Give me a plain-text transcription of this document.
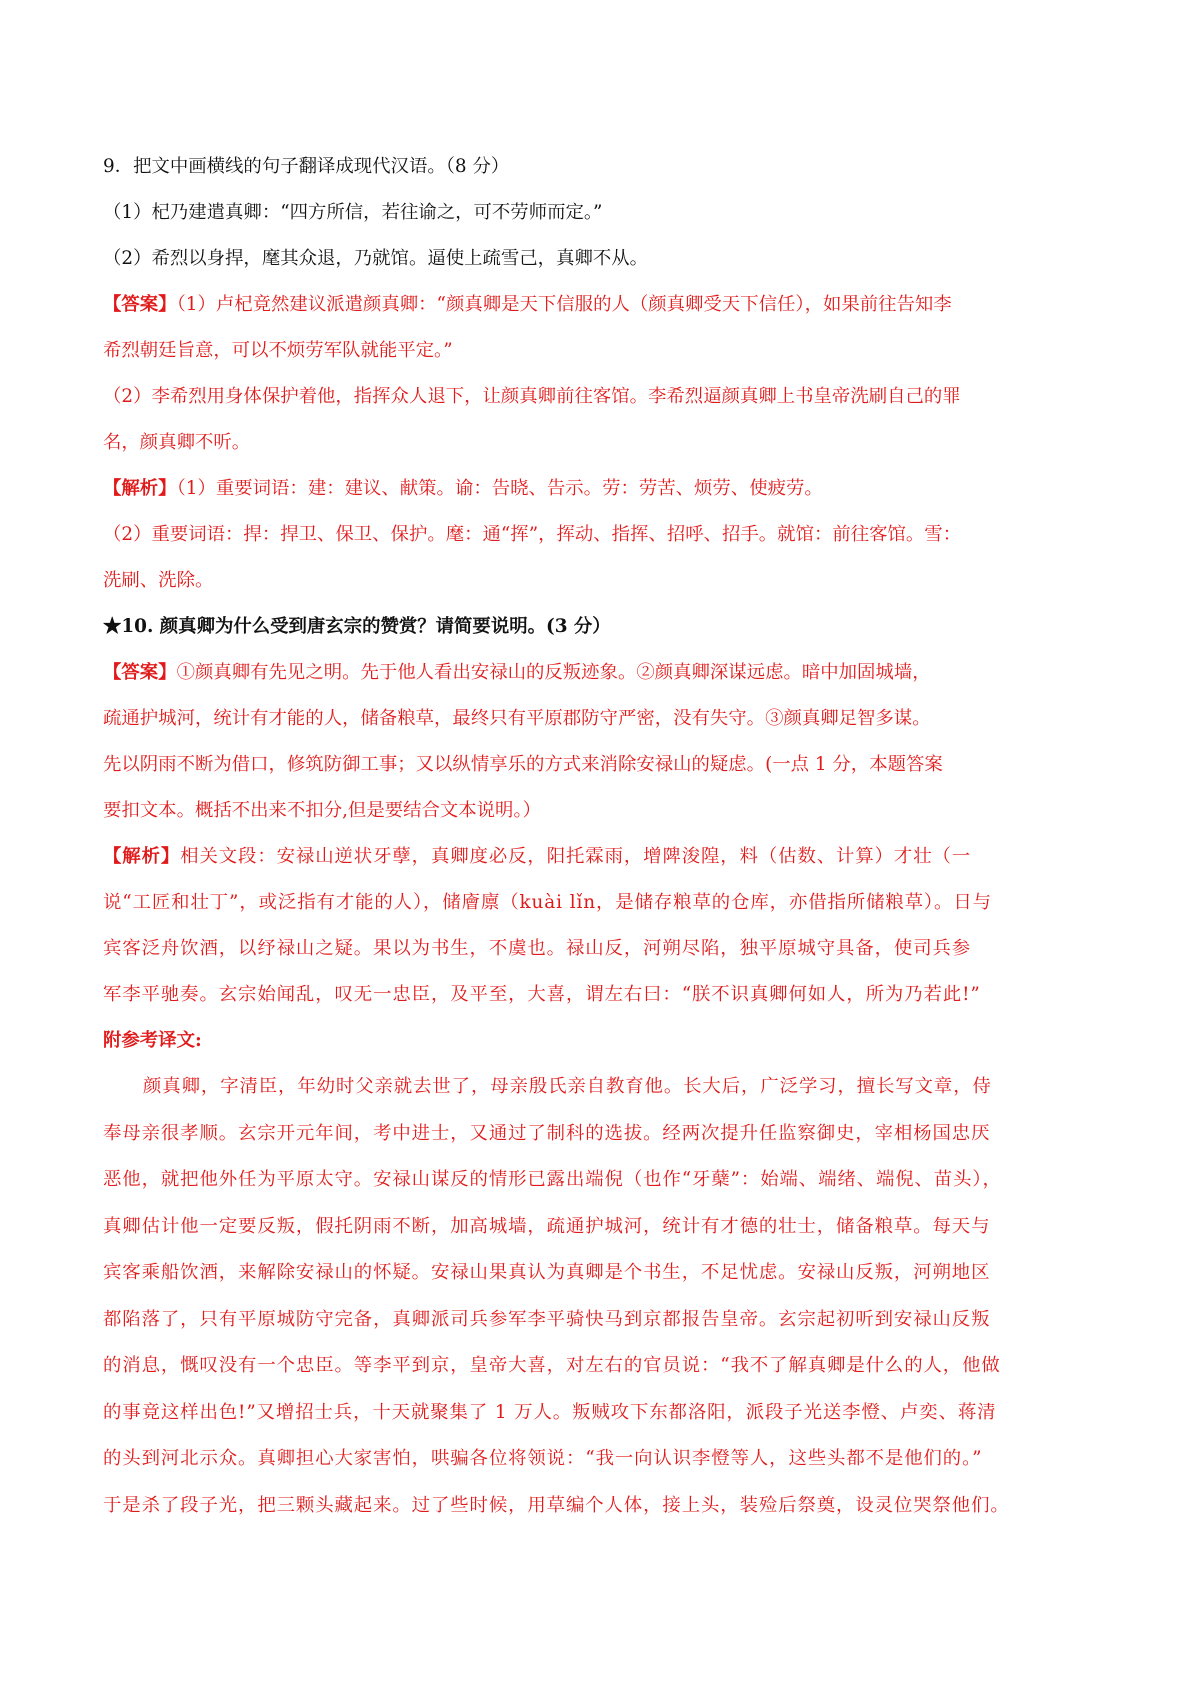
9．把文中画横线的句子翻译成现代汉语。（8 分）

（1）杞乃建遣真卿：“四方所信，若往谕之，可不劳师而定。”

（2）希烈以身捍，麾其众退，乃就馆。逼使上疏雪己，真卿不从。

【答案】（1）卢杞竟然建议派遣颜真卿：“颜真卿是天下信服的人（颜真卿受天下信任），如果前往告知李

希烈朝廷旨意，可以不烦劳军队就能平定。”

（2）李希烈用身体保护着他，指挥众人退下，让颜真卿前往客馆。李希烈逼颜真卿上书皇帝洗刷自己的罪

名，颜真卿不听。

【解析】（1）重要词语：建：建议、献策。谕：告晓、告示。劳：劳苦、烦劳、使疲劳。

（2）重要词语：捍：捍卫、保卫、保护。麾：通“挥”，挥动、指挥、招呼、招手。就馆：前往客馆。雪：

洗刷、洗除。

★10. 颜真卿为什么受到唐玄宗的赞赏？请简要说明。(3 分）

【答案】①颜真卿有先见之明。先于他人看出安禄山的反叛迹象。②颜真卿深谋远虑。暗中加固城墙，

疏通护城河，统计有才能的人，储备粮草，最终只有平原郡防守严密，没有失守。③颜真卿足智多谋。

先以阴雨不断为借口，修筑防御工事；又以纵情享乐的方式来消除安禄山的疑虑。(一点 1 分，本题答案

要扣文本。概括不出来不扣分,但是要结合文本说明。）

【解析】相关文段：安禄山逆状牙孽，真卿度必反，阳托霖雨，增陴浚隍，料（估数、计算）才壮（一

说“工匠和壮丁”，或泛指有才能的人），储廥廪（kuài lǐn，是储存粮草的仓库，亦借指所储粮草）。日与

宾客泛舟饮酒，以纾禄山之疑。果以为书生，不虞也。禄山反，河朔尽陷，独平原城守具备，使司兵参

军李平驰奏。玄宗始闻乱，叹无一忠臣，及平至，大喜，谓左右曰：“朕不识真卿何如人，所为乃若此!”

附参考译文:

颜真卿，字清臣，年幼时父亲就去世了，母亲殷氏亲自教育他。长大后，广泛学习，擅长写文章，侍

奉母亲很孝顺。玄宗开元年间，考中进士，又通过了制科的选拔。经两次提升任监察御史，宰相杨国忠厌

恶他，就把他外任为平原太守。安禄山谋反的情形已露出端倪（也作“牙蘖”：始端、端绪、端倪、苗头），

真卿估计他一定要反叛，假托阴雨不断，加高城墙，疏通护城河，统计有才德的壮士，储备粮草。每天与

宾客乘船饮酒，来解除安禄山的怀疑。安禄山果真认为真卿是个书生，不足忧虑。安禄山反叛，河朔地区

都陷落了，只有平原城防守完备，真卿派司兵参军李平骑快马到京都报告皇帝。玄宗起初听到安禄山反叛

的消息，慨叹没有一个忠臣。等李平到京，皇帝大喜，对左右的官员说：“我不了解真卿是什么的人，他做

的事竟这样出色!”又增招士兵，十天就聚集了 1 万人。叛贼攻下东都洛阳，派段子光送李憕、卢奕、蒋清

的头到河北示众。真卿担心大家害怕，哄骗各位将领说：“我一向认识李憕等人，这些头都不是他们的。”

于是杀了段子光，把三颗头藏起来。过了些时候，用草编个人体，接上头，装殓后祭奠，设灵位哭祭他们。
